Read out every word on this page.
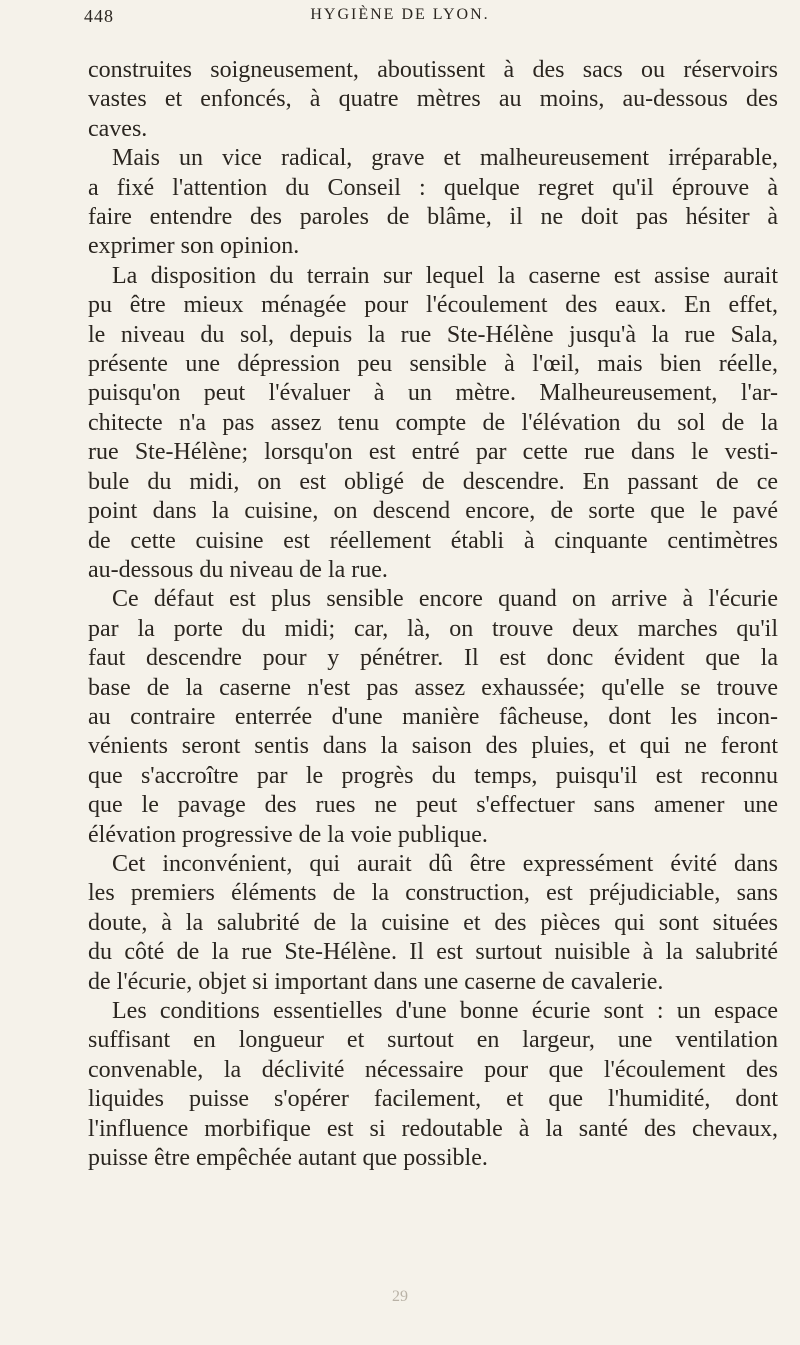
448	HYGIÈNE DE LYON.

construites soigneusement, aboutissent à des sacs ou réservoirs
vastes et enfoncés, à quatre mètres au moins, au-dessous des
caves.

Mais un vice radical, grave et malheureusement irréparable,
a fixé l'attention du Conseil : quelque regret qu'il éprouve à
faire entendre des paroles de blâme, il ne doit pas hésiter à
exprimer son opinion.

La disposition du terrain sur lequel la caserne est assise aurait
pu être mieux ménagée pour l'écoulement des eaux. En effet,
le niveau du sol, depuis la rue Ste-Hélène jusqu'à la rue Sala,
présente une dépression peu sensible à l'œil, mais bien réelle,
puisqu'on peut l'évaluer à un mètre. Malheureusement, l'ar-
chitecte n'a pas assez tenu compte de l'élévation du sol de la
rue Ste-Hélène; lorsqu'on est entré par cette rue dans le vesti-
bule du midi, on est obligé de descendre. En passant de ce
point dans la cuisine, on descend encore, de sorte que le pavé
de cette cuisine est réellement établi à cinquante centimètres
au-dessous du niveau de la rue.

Ce défaut est plus sensible encore quand on arrive à l'écurie
par la porte du midi; car, là, on trouve deux marches qu'il
faut descendre pour y pénétrer. Il est donc évident que la
base de la caserne n'est pas assez exhaussée; qu'elle se trouve
au contraire enterrée d'une manière fâcheuse, dont les incon-
vénients seront sentis dans la saison des pluies, et qui ne feront
que s'accroître par le progrès du temps, puisqu'il est reconnu
que le pavage des rues ne peut s'effectuer sans amener une
élévation progressive de la voie publique.

Cet inconvénient, qui aurait dû être expressément évité dans
les premiers éléments de la construction, est préjudiciable, sans
doute, à la salubrité de la cuisine et des pièces qui sont situées
du côté de la rue Ste-Hélène. Il est surtout nuisible à la salubrité
de l'écurie, objet si important dans une caserne de cavalerie.

Les conditions essentielles d'une bonne écurie sont : un espace
suffisant en longueur et surtout en largeur, une ventilation
convenable, la déclivité nécessaire pour que l'écoulement des
liquides puisse s'opérer facilement, et que l'humidité, dont
l'influence morbifique est si redoutable à la santé des chevaux,
puisse être empêchée autant que possible.

29
